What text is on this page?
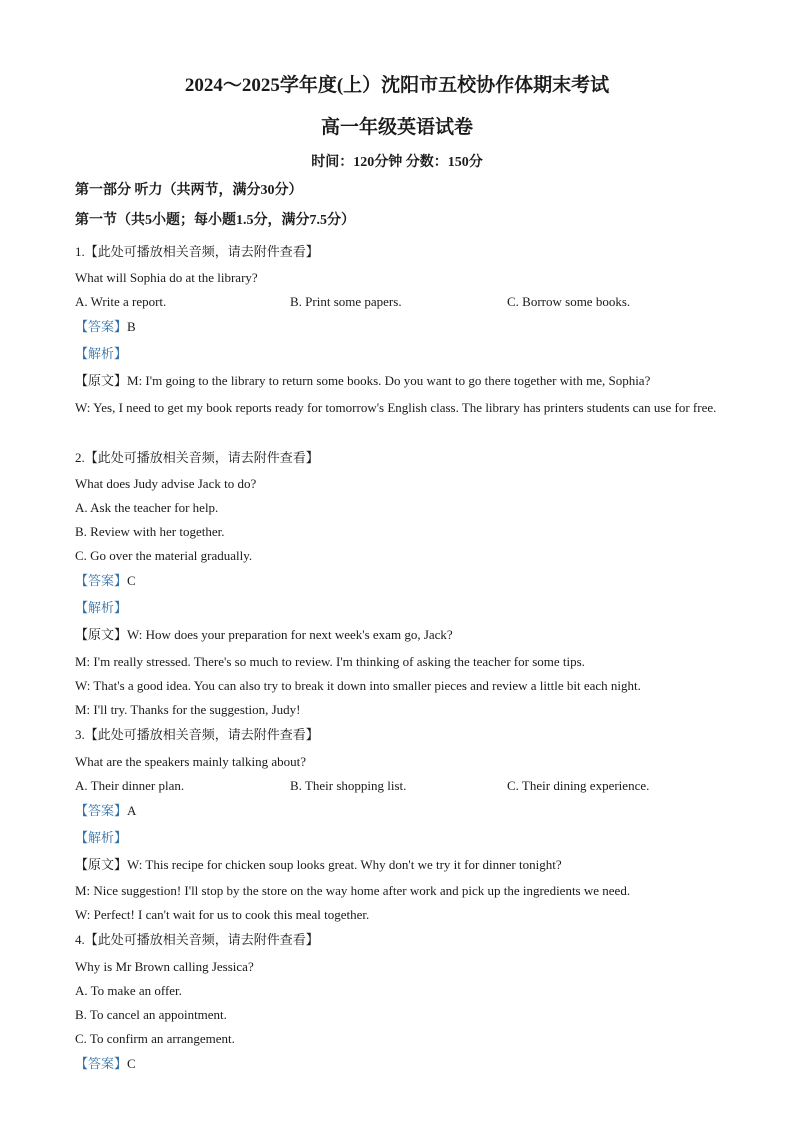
2024～2025学年度(上）沈阳市五校协作体期末考试
高一年级英语试卷
时间：120分钟 分数：150分
第一部分 听力（共两节，满分30分）
第一节（共5小题；每小题1.5分，满分7.5分）
1.【此处可播放相关音频，请去附件查看】
What will Sophia do at the library?
A. Write a report.	B. Print some papers.	C. Borrow some books.
【答案】B
【解析】
【原文】M: I'm going to the library to return some books. Do you want to go there together with me, Sophia?
W: Yes, I need to get my book reports ready for tomorrow's English class. The library has printers students can use for free.
2.【此处可播放相关音频，请去附件查看】
What does Judy advise Jack to do?
A. Ask the teacher for help.
B. Review with her together.
C. Go over the material gradually.
【答案】C
【解析】
【原文】W: How does your preparation for next week's exam go, Jack?
M: I'm really stressed. There's so much to review. I'm thinking of asking the teacher for some tips.
W: That's a good idea. You can also try to break it down into smaller pieces and review a little bit each night.
M: I'll try. Thanks for the suggestion, Judy!
3.【此处可播放相关音频，请去附件查看】
What are the speakers mainly talking about?
A. Their dinner plan.	B. Their shopping list.	C. Their dining experience.
【答案】A
【解析】
【原文】W: This recipe for chicken soup looks great. Why don't we try it for dinner tonight?
M: Nice suggestion! I'll stop by the store on the way home after work and pick up the ingredients we need.
W: Perfect! I can't wait for us to cook this meal together.
4.【此处可播放相关音频，请去附件查看】
Why is Mr Brown calling Jessica?
A. To make an offer.
B. To cancel an appointment.
C. To confirm an arrangement.
【答案】C
